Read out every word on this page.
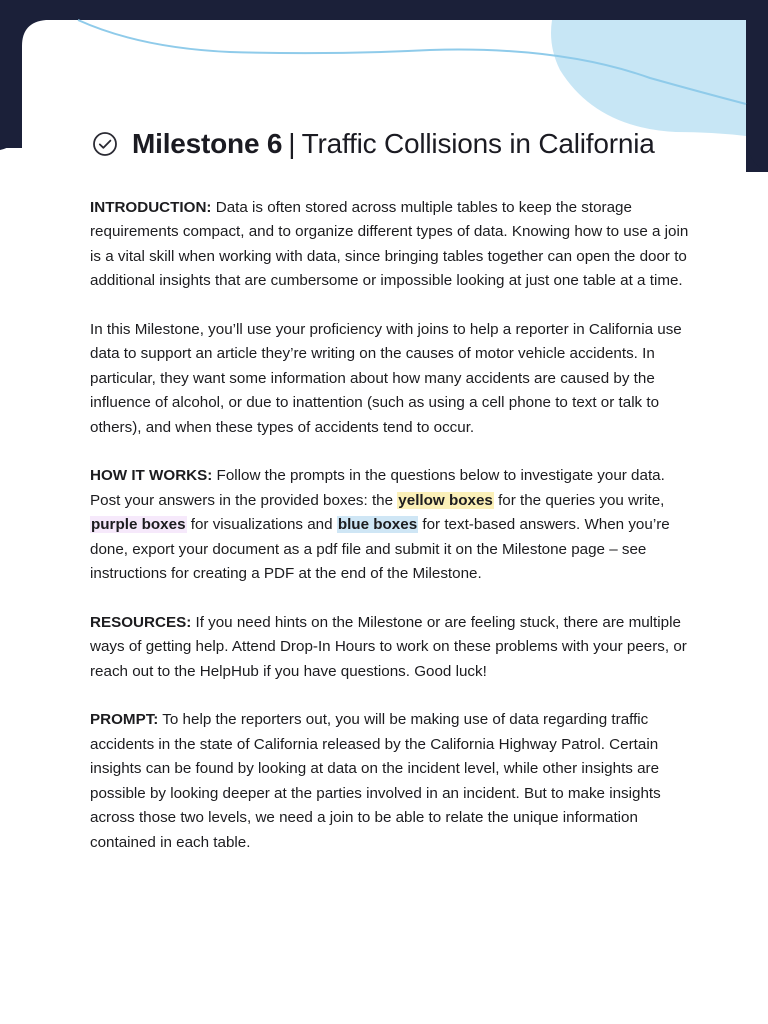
Milestone 6 | Traffic Collisions in California

INTRODUCTION: Data is often stored across multiple tables to keep the storage requirements compact, and to organize different types of data. Knowing how to use a join is a vital skill when working with data, since bringing tables together can open the door to additional insights that are cumbersome or impossible looking at just one table at a time.

In this Milestone, you’ll use your proficiency with joins to help a reporter in California use data to support an article they’re writing on the causes of motor vehicle accidents. In particular, they want some information about how many accidents are caused by the influence of alcohol, or due to inattention (such as using a cell phone to text or talk to others), and when these types of accidents tend to occur.

HOW IT WORKS: Follow the prompts in the questions below to investigate your data. Post your answers in the provided boxes: the yellow boxes for the queries you write, purple boxes for visualizations and blue boxes for text-based answers. When you’re done, export your document as a pdf file and submit it on the Milestone page – see instructions for creating a PDF at the end of the Milestone.

RESOURCES: If you need hints on the Milestone or are feeling stuck, there are multiple ways of getting help. Attend Drop-In Hours to work on these problems with your peers, or reach out to the HelpHub if you have questions. Good luck!

PROMPT: To help the reporters out, you will be making use of data regarding traffic accidents in the state of California released by the California Highway Patrol. Certain insights can be found by looking at data on the incident level, while other insights are possible by looking deeper at the parties involved in an incident. But to make insights across those two levels, we need a join to be able to relate the unique information contained in each table.
